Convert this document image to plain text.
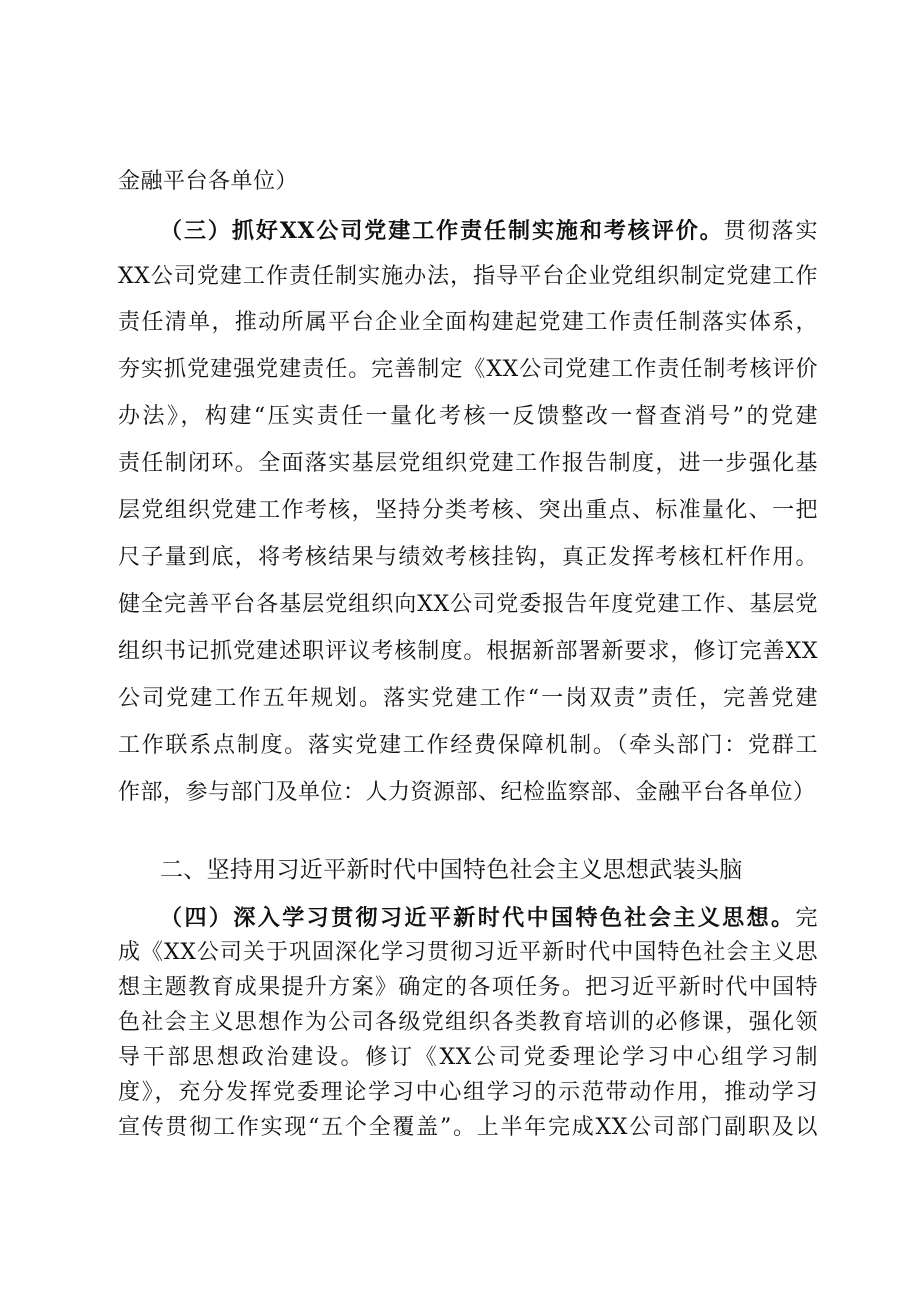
金融平台各单位）
（三）抓好XX公司党建工作责任制实施和考核评价。贯彻落实
XX公司党建工作责任制实施办法，指导平台企业党组织制定党建工作
责任清单，推动所属平台企业全面构建起党建工作责任制落实体系，
夯实抓党建强党建责任。完善制定《XX公司党建工作责任制考核评价
办法》，构建“压实责任一量化考核一反馈整改一督查消号”的党建
责任制闭环。全面落实基层党组织党建工作报告制度，进一步强化基
层党组织党建工作考核，坚持分类考核、突出重点、标准量化、一把
尺子量到底，将考核结果与绩效考核挂钩，真正发挥考核杠杆作用。
健全完善平台各基层党组织向XX公司党委报告年度党建工作、基层党
组织书记抓党建述职评议考核制度。根据新部署新要求，修订完善XX
公司党建工作五年规划。落实党建工作“一岗双责”责任，完善党建
工作联系点制度。落实党建工作经费保障机制。（牵头部门：党群工
作部，参与部门及单位：人力资源部、纪检监察部、金融平台各单位）
二、坚持用习近平新时代中国特色社会主义思想武装头脑
（四）深入学习贯彻习近平新时代中国特色社会主义思想。完
成《XX公司关于巩固深化学习贯彻习近平新时代中国特色社会主义思
想主题教育成果提升方案》确定的各项任务。把习近平新时代中国特
色社会主义思想作为公司各级党组织各类教育培训的必修课，强化领
导干部思想政治建设。修订《XX公司党委理论学习中心组学习制
度》，充分发挥党委理论学习中心组学习的示范带动作用，推动学习
宣传贯彻工作实现“五个全覆盖”。上半年完成XX公司部门副职及以
